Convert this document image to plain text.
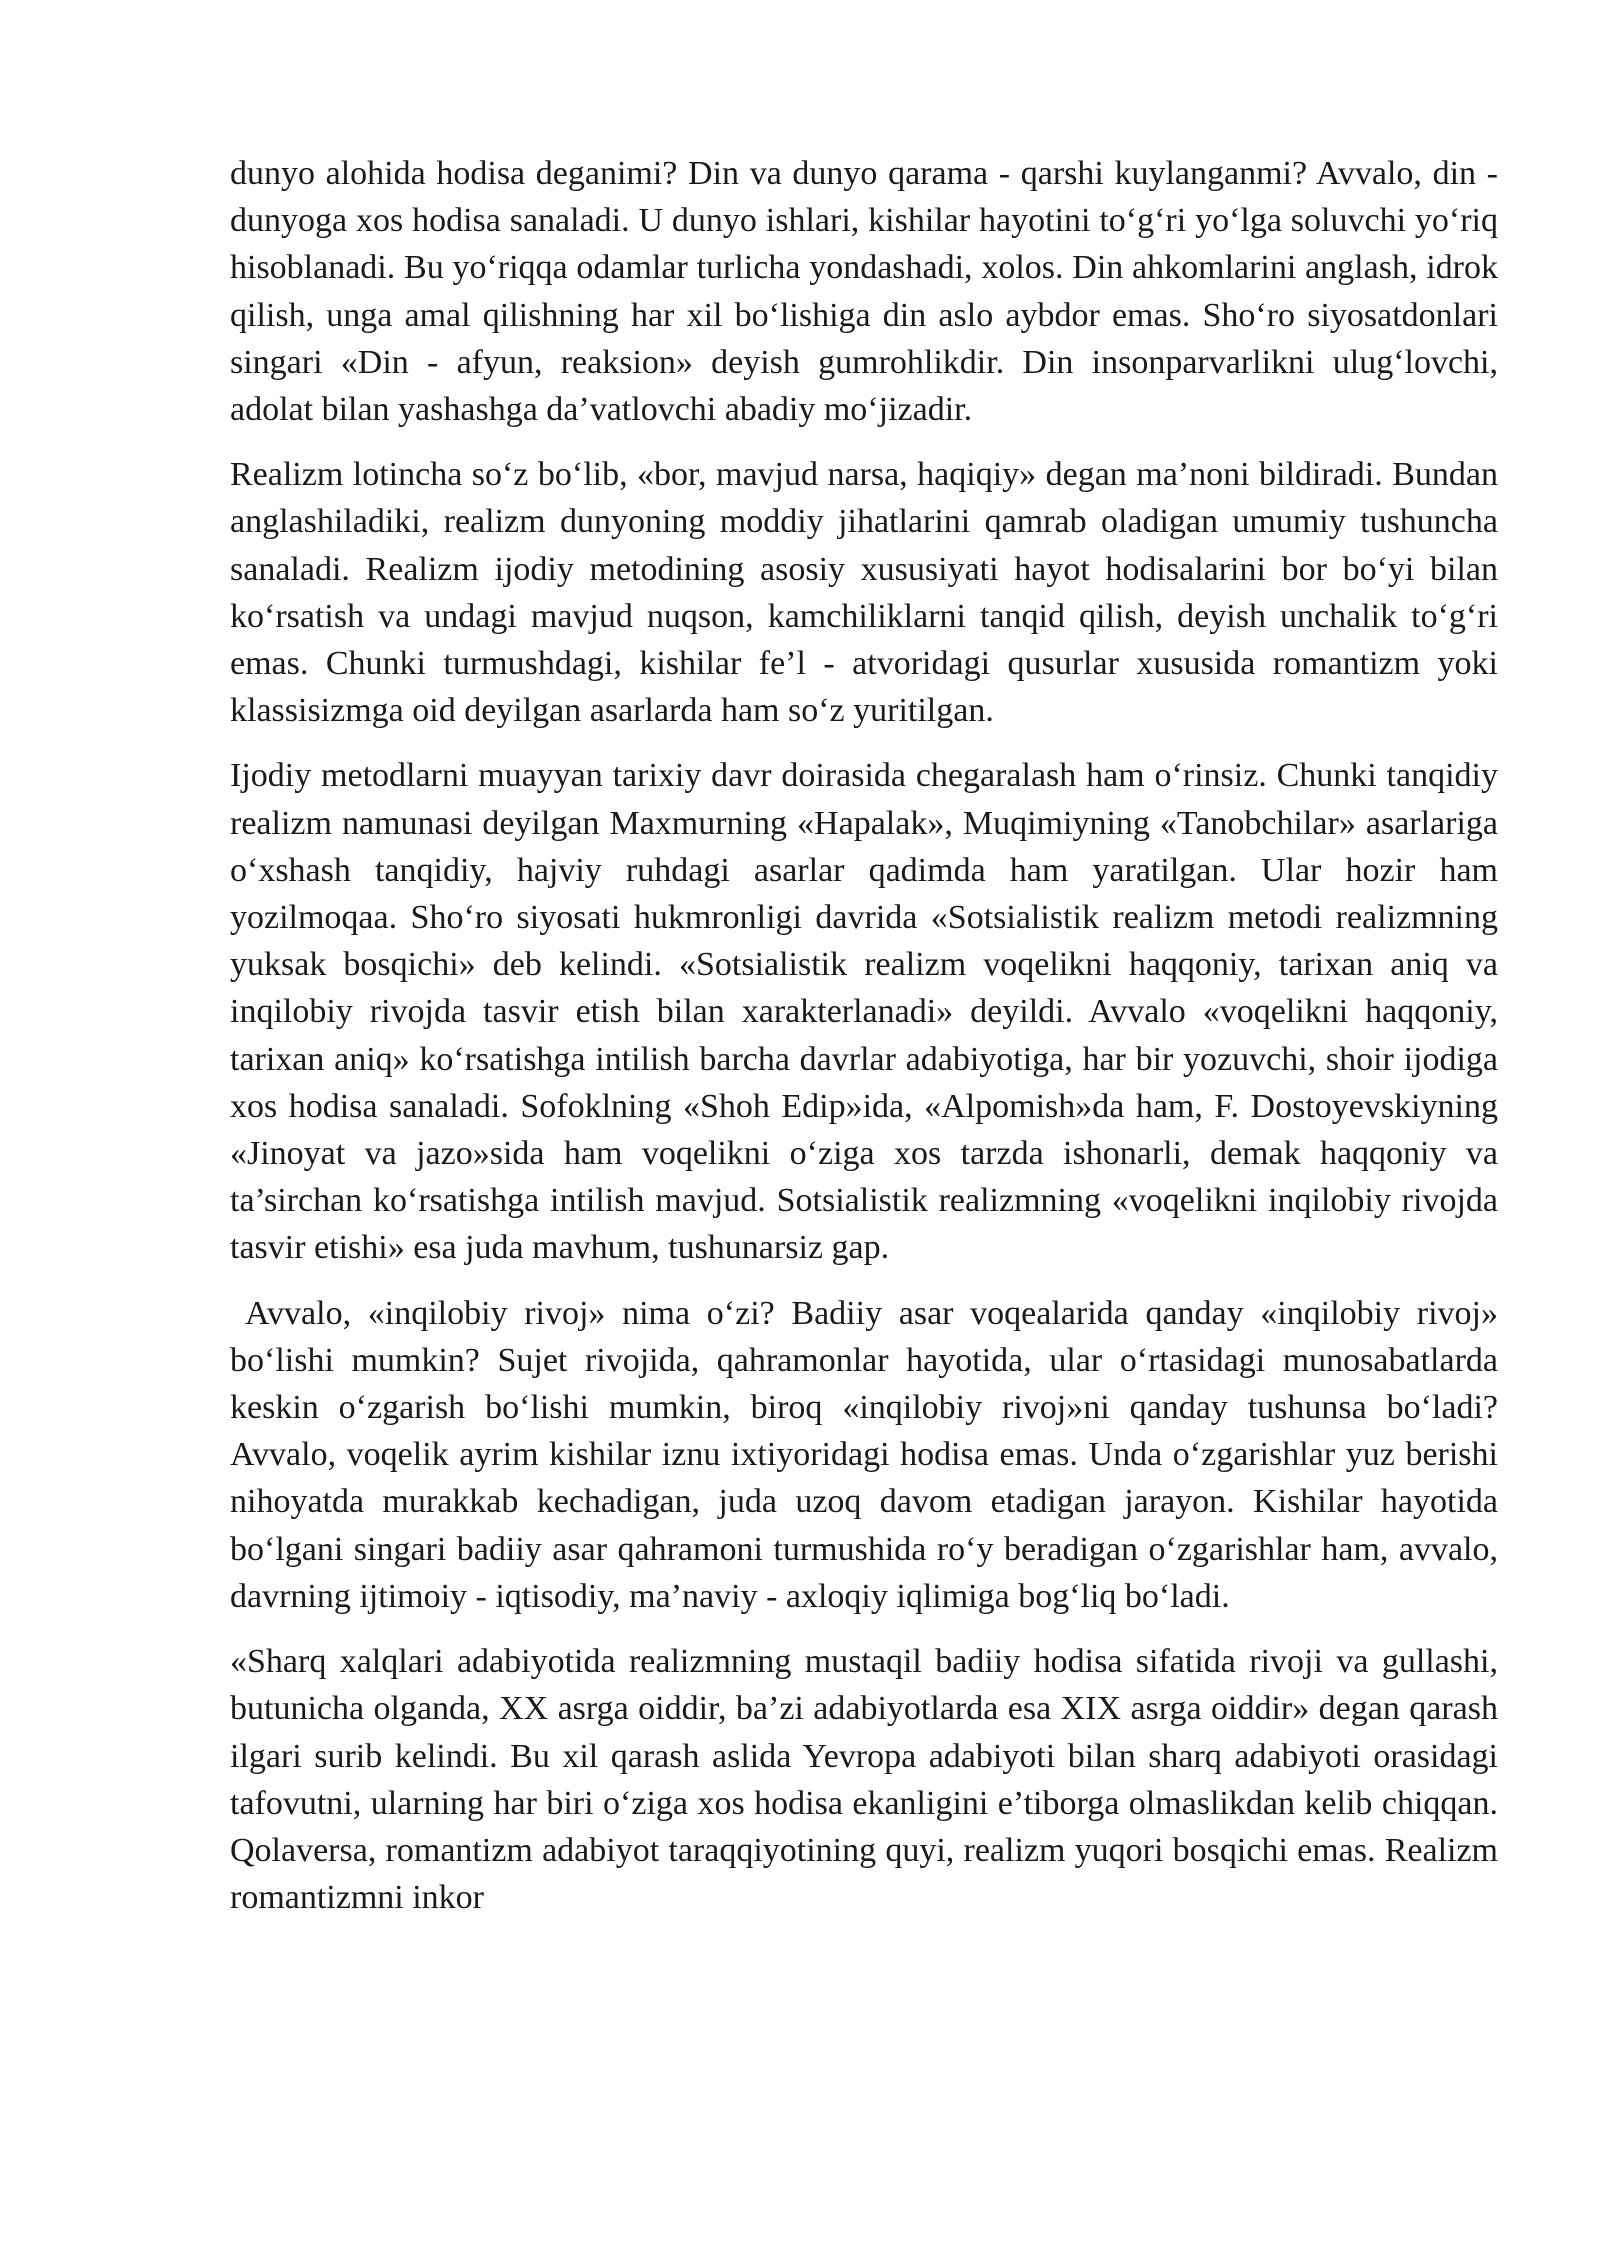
dunyo alohida hodisa deganimi? Din va dunyo qarama - qarshi kuylanganmi? Avvalo, din - dunyoga xos hodisa sanaladi. U dunyo ishlari, kishilar hayotini to‘g‘ri yo‘lga soluvchi yo‘riq hisoblanadi. Bu yo‘riqqa odamlar turlicha yondashadi, xolos. Din ahkomlarini anglash, idrok qilish, unga amal qilishning har xil bo‘lishiga din aslo aybdor emas. Sho‘ro siyosatdonlari singari «Din - afyun, reaksion» deyish gumrohlikdir. Din insonparvarlikni ulug‘lovchi, adolat bilan yashashga da’vatlovchi abadiy mo‘jizadir.

Realizm lotincha so‘z bo‘lib, «bor, mavjud narsa, haqiqiy» degan ma’noni bildiradi. Bundan anglashiladiki, realizm dunyoning moddiy jihatlarini qamrab oladigan umumiy tushuncha sanaladi. Realizm ijodiy metodining asosiy xususiyati hayot hodisalarini bor bo‘yi bilan ko‘rsatish va undagi mavjud nuqson, kamchiliklarni tanqid qilish, deyish unchalik to‘g‘ri emas. Chunki turmushdagi, kishilar fe’l - atvoridagi qusurlar xususida romantizm yoki klassisizmga oid deyilgan asarlarda ham so‘z yuritilgan.

Ijodiy metodlarni muayyan tarixiy davr doirasida chegaralash ham o‘rinsiz. Chunki tanqidiy realizm namunasi deyilgan Maxmurning «Hapalak», Muqimiyning «Tanobchilar» asarlariga o‘xshash tanqidiy, hajviy ruhdagi asarlar qadimda ham yaratilgan. Ular hozir ham yozilmoqaa. Sho‘ro siyosati hukmronligi davrida «Sotsialistik realizm metodi realizmning yuksak bosqichi» deb kelindi. «Sotsialistik realizm voqelikni haqqoniy, tarixan aniq va inqilobiy rivojda tasvir etish bilan xarakterlanadi» deyildi. Avvalo «voqelikni haqqoniy, tarixan aniq» ko‘rsatishga intilish barcha davrlar adabiyotiga, har bir yozuvchi, shoir ijodiga xos hodisa sanaladi. Sofoklning «Shoh Edip»ida, «Alpomish»da ham, F. Dostoyevskiyning «Jinoyat va jazo»sida ham voqelikni o‘ziga xos tarzda ishonarli, demak haqqoniy va ta’sirchan ko‘rsatishga intilish mavjud. Sotsialistik realizmning «voqelikni inqilobiy rivojda tasvir etishi» esa juda mavhum, tushunarsiz gap.

Avvalo, «inqilobiy rivoj» nima o‘zi? Badiiy asar voqealarida qanday «inqilobiy rivoj» bo‘lishi mumkin? Sujet rivojida, qahramonlar hayotida, ular o‘rtasidagi munosabatlarda keskin o‘zgarish bo‘lishi mumkin, biroq «inqilobiy rivoj»ni qanday tushunsa bo‘ladi? Avvalo, voqelik ayrim kishilar iznu ixtiyoridagi hodisa emas. Unda o‘zgarishlar yuz berishi nihoyatda murakkab kechadigan, juda uzoq davom etadigan jarayon. Kishilar hayotida bo‘lgani singari badiiy asar qahramoni turmushida ro‘y beradigan o‘zgarishlar ham, avvalo, davrning ijtimoiy - iqtisodiy, ma’naviy - axloqiy iqlimiga bog‘liq bo‘ladi.

«Sharq xalqlari adabiyotida realizmning mustaqil badiiy hodisa sifatida rivoji va gullashi, butunicha olganda, XX asrga oiddir, ba’zi adabiyotlarda esa XIX asrga oiddir» degan qarash ilgari surib kelindi. Bu xil qarash aslida Yevropa adabiyoti bilan sharq adabiyoti orasidagi tafovutni, ularning har biri o‘ziga xos hodisa ekanligini e’tiborga olmaslikdan kelib chiqqan. Qolaversa, romantizm adabiyot taraqqiyotining quyi, realizm yuqori bosqichi emas. Realizm romantizmni inkor
